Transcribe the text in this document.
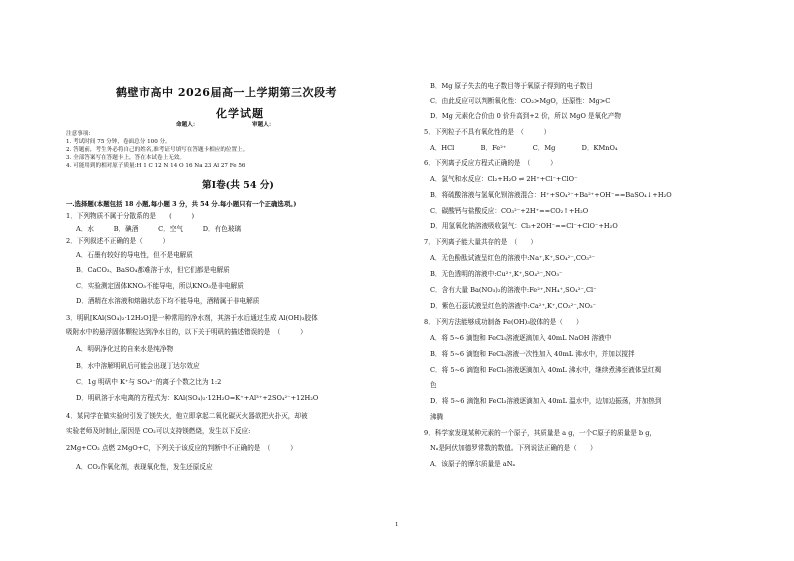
鹤壁市高中 2026届高一上学期第三次段考
化学试题
命题人：	审题人：
注意事项:
1. 考试时间 75 分钟，卷面总分 100 分。
2. 答题前，考生务必将自己的姓名,准考证号填写在答题卡相应的位置上。
3. 全部答案写在答题卡上，答在本试卷上无效。
4. 可能用到的相对原子质量:H 1 C 12 N 14 O 16 Na 23 Al 27 Fe 56
第Ⅰ卷(共 54 分)
一.选择题(本题包括 18 小题,每小题 3 分，共 54 分.每小题只有一个正确选项。)
1．下列物质不属于分散系的是　　(　　　)
A．水　　　B．碘酒　　　C．空气　　　D．有色玻璃
2．下列叙述不正确的是（　　　）
A．石墨有较好的导电性，但不是电解质
B．CaCO₃、BaSO₄都难溶于水，但它们都是电解质
C．实验测定固体KNO₃不能导电，所以KNO₃是非电解质
D．酒精在水溶液和熔融状态下均不能导电，酒精属于非电解质
3．明矾[KAl(SO₄)₂·12H₂O]是一种常用的净水剂，其溶于水后通过生成 Al(OH)₃胶体
吸附水中的悬浮固体颗粒达到净水目的，以下关于明矾的描述错误的是　（　　　）
A．明矾净化过的自来水是纯净物
B．水中溶解明矾后可能会出现丁达尔效应
C．1g 明矾中 K⁺与 SO₄²⁻的离子个数之比为 1:2
D．明矾溶于水电离的方程式为：KAl(SO₄)₂·12H₂O=K⁺+Al³⁺+2SO₄²⁻+12H₂O
4．某同学在做实验时引发了镁失火，他立即拿起二氧化碳灭火器欲把火扑灭，却被
实验老师及时制止,原因是 CO₂可以支持镁燃烧，发生以下反应:
2Mg+CO₂ 点燃 2MgO+C，下列关于该反应的判断中不正确的是　（　　　）
A．CO₂作氧化剂，表现氧化性，发生还原反应
B．Mg 原子失去的电子数目等于氧原子得到的电子数目
C．由此反应可以判断氧化性：CO₂>MgO，还原性：Mg>C
D．Mg 元素化合价由 0 价升高到+2 价，所以 MgO 是氧化产物
5．下列粒子不具有氧化性的是　（　　　）
A．HCl　　　　B．Fe²⁺　　　　C．Mg　　　　D．KMnO₄
6．下列离子反应方程式正确的是　（　　　）
A．氯气和水反应：Cl₂+H₂O ⇌ 2H⁺+Cl⁻+ClO⁻
B．将硫酸溶液与氢氧化钡溶液混合：H⁺+SO₄²⁻+Ba²⁺+OH⁻==BaSO₄↓+H₂O
C．碳酸钙与盐酸反应：CO₃²⁻+2H⁺==CO₂↑+H₂O
D．用氢氧化钠溶液吸收氯气：Cl₂+2OH⁻==Cl⁻+ClO⁻+H₂O
7．下列离子能大量共存的是　（　　）
A．无色酚酞试液呈红色的溶液中:Na⁺,K⁺,SO₄²⁻,CO₃²⁻
B．无色透明的溶液中:Cu²⁺,K⁺,SO₄²⁻,NO₃⁻
C．含有大量 Ba(NO₃)₂的溶液中:Fe²⁺,NH₄⁺,SO₄²⁻,Cl⁻
D．紫色石蕊试液呈红色的溶液中:Ca²⁺,K⁺,CO₃²⁻,NO₃⁻
8．下列方法能够成功制备 Fe(OH)₃胶体的是（　　）
A．将 5~6 滴饱和 FeCl₃溶液逐滴加入 40mL NaOH 溶液中
B．将 5~6 滴饱和 FeCl₃溶液一次性加入 40mL 沸水中，并加以搅拌
C．将 5~6 滴饱和 FeCl₃溶液逐滴加入 40mL 沸水中，继续煮沸至液体呈红褐
色
D．将 5~6 滴饱和 FeCl₃溶液逐滴加入 40mL 温水中，边加边振荡，并加热到
沸腾
9．科学家发现某种元素的一个原子，其质量是 a g，一个C原子的质量是 b g，
Nₐ是阿伏加德罗常数的数值。下列说法正确的是（　　）
A．该原子的摩尔质量是 aNₐ
1
